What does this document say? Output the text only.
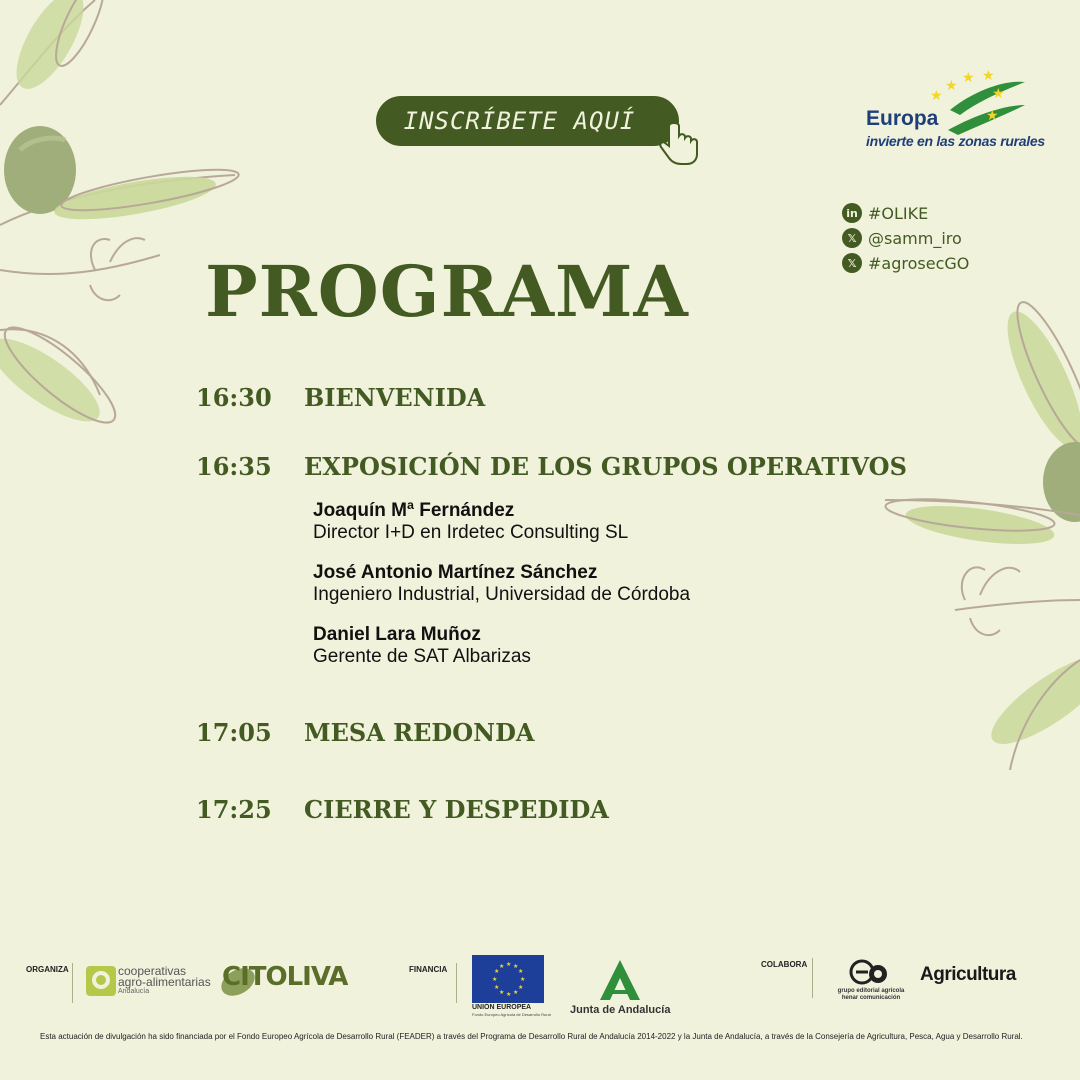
INSCRÍBETE AQUÍ
★
★ ★ ★
★
★
Europa
invierte en las zonas rurales
in #OLIKE
𝕏 @samm_iro
𝕏 #agrosecGO
PROGRAMA
16:30 BIENVENIDA
16:35 EXPOSICIÓN DE LOS GRUPOS OPERATIVOS
Joaquín Mª Fernández
Director I+D en Irdetec Consulting SL
José Antonio Martínez Sánchez
Ingeniero Industrial, Universidad de Córdoba
Daniel Lara Muñoz
Gerente de SAT Albarizas
17:05 MESA REDONDA
17:25 CIERRE Y DESPEDIDA
ORGANIZA	cooperativas
agro-alimentarias
Andalucía	CITOLIVA	FINANCIA
★ ★
★
★
★
★
★
★
★
★
★
★
UNIÓN EUROPEA
Fondo Europeo Agrícola de Desarrollo Rural Junta de Andalucía
COLABORA
grupo editorial agrícola
henar comunicación
Agricultura
Esta actuación de divulgación ha sido financiada por el Fondo Europeo Agrícola de Desarrollo Rural (FEADER) a través del Programa de Desarrollo Rural de Andalucía 2014-2022 y la Junta de Andalucía, a través de la Consejería de Agricultura, Pesca, Agua y Desarrollo Rural.
